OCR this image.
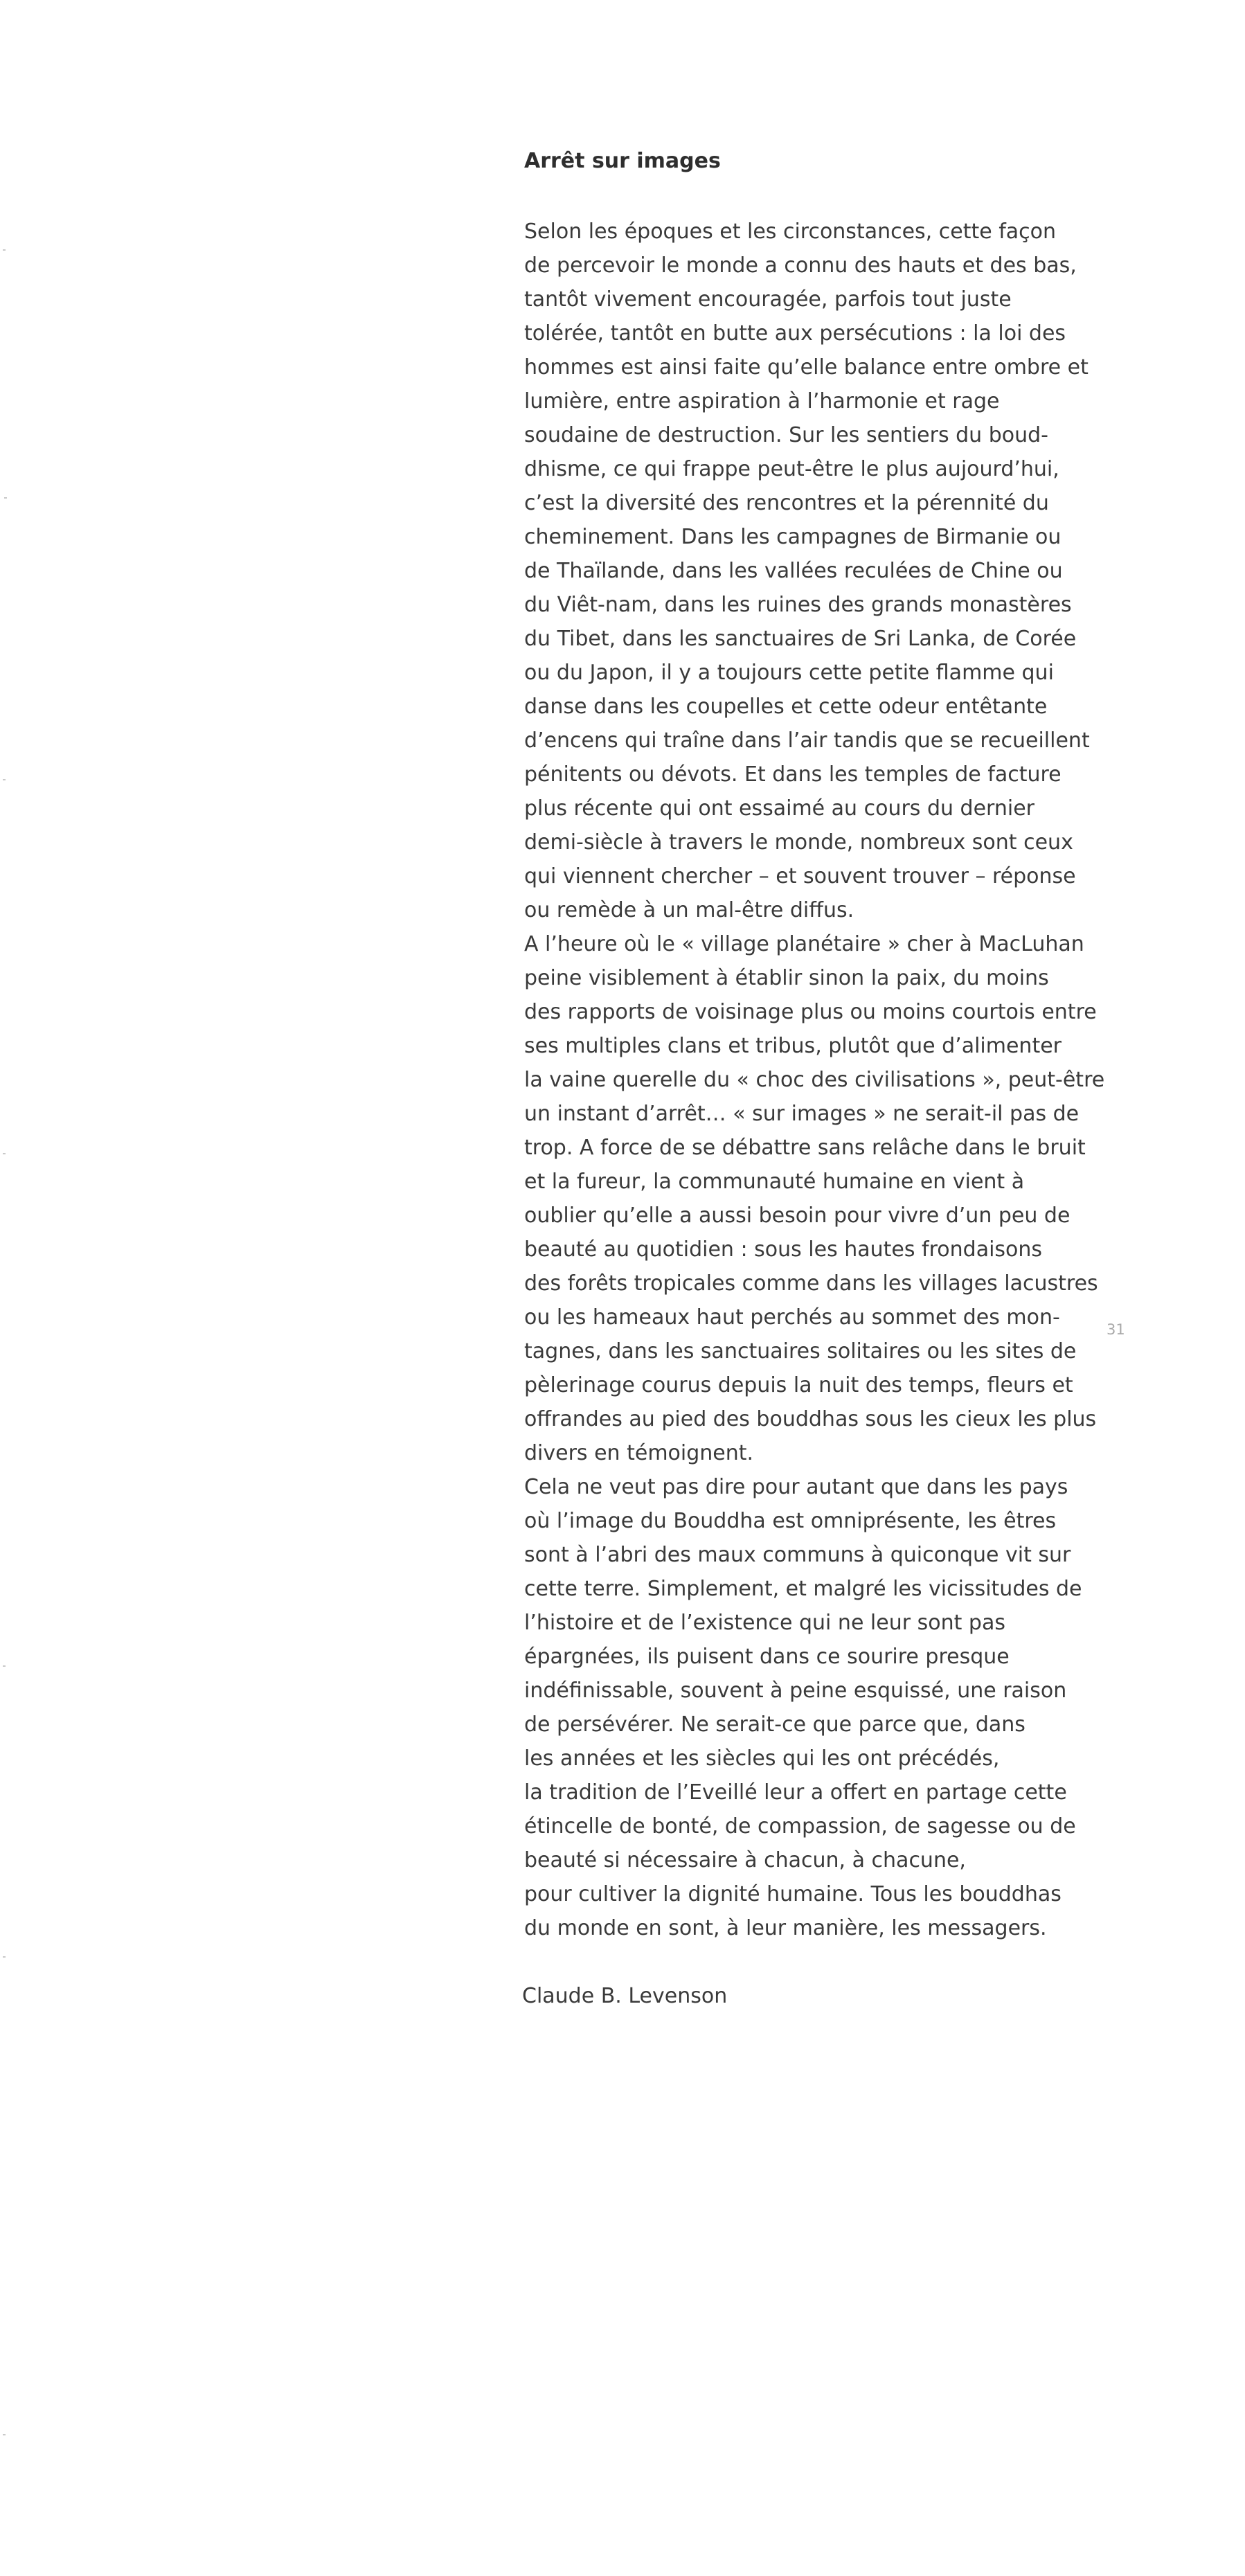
Arrêt sur images
Selon les époques et les circonstances, cette façon
de percevoir le monde a connu des hauts et des bas,
tantôt vivement encouragée, parfois tout juste
tolérée, tantôt en butte aux persécutions : la loi des
hommes est ainsi faite qu’elle balance entre ombre et
lumière, entre aspiration à l’harmonie et rage
soudaine de destruction. Sur les sentiers du boud-
dhisme, ce qui frappe peut-être le plus aujourd’hui,
c’est la diversité des rencontres et la pérennité du
cheminement. Dans les campagnes de Birmanie ou
de Thaïlande, dans les vallées reculées de Chine ou
du Viêt-nam, dans les ruines des grands monastères
du Tibet, dans les sanctuaires de Sri Lanka, de Corée
ou du Japon, il y a toujours cette petite flamme qui
danse dans les coupelles et cette odeur entêtante
d’encens qui traîne dans l’air tandis que se recueillent
pénitents ou dévots. Et dans les temples de facture
plus récente qui ont essaimé au cours du dernier
demi-siècle à travers le monde, nombreux sont ceux
qui viennent chercher – et souvent trouver – réponse
ou remède à un mal-être diffus.
A l’heure où le « village planétaire » cher à MacLuhan
peine visiblement à établir sinon la paix, du moins
des rapports de voisinage plus ou moins courtois entre
ses multiples clans et tribus, plutôt que d’alimenter
la vaine querelle du « choc des civilisations », peut-être
un instant d’arrêt… « sur images » ne serait-il pas de
trop. A force de se débattre sans relâche dans le bruit
et la fureur, la communauté humaine en vient à
oublier qu’elle a aussi besoin pour vivre d’un peu de
beauté au quotidien : sous les hautes frondaisons
des forêts tropicales comme dans les villages lacustres
ou les hameaux haut perchés au sommet des mon-
tagnes, dans les sanctuaires solitaires ou les sites de
pèlerinage courus depuis la nuit des temps, fleurs et
offrandes au pied des bouddhas sous les cieux les plus
divers en témoignent.
Cela ne veut pas dire pour autant que dans les pays
où l’image du Bouddha est omniprésente, les êtres
sont à l’abri des maux communs à quiconque vit sur
cette terre. Simplement, et malgré les vicissitudes de
l’histoire et de l’existence qui ne leur sont pas
épargnées, ils puisent dans ce sourire presque
indéfinissable, souvent à peine esquissé, une raison
de persévérer. Ne serait-ce que parce que, dans
les années et les siècles qui les ont précédés,
la tradition de l’Eveillé leur a offert en partage cette
étincelle de bonté, de compassion, de sagesse ou de
beauté si nécessaire à chacun, à chacune,
pour cultiver la dignité humaine. Tous les bouddhas
du monde en sont, à leur manière, les messagers.
Claude B. Levenson
31
